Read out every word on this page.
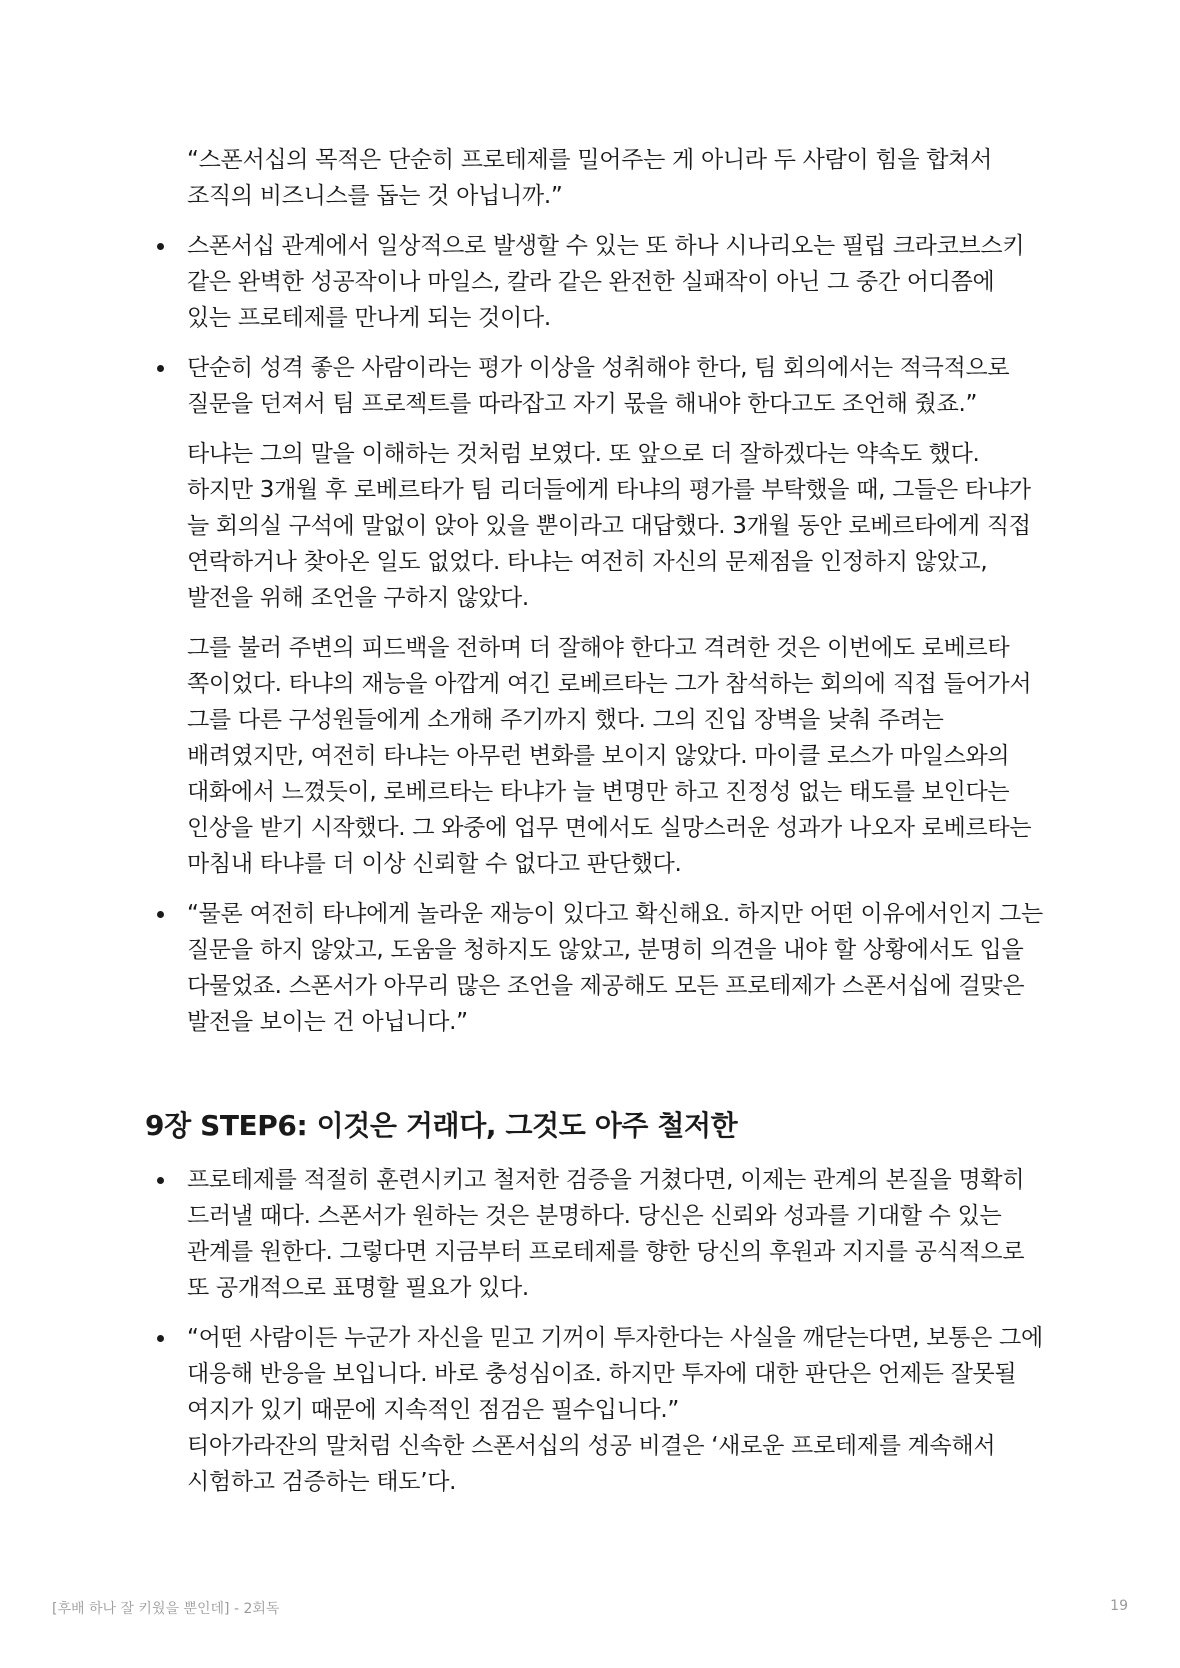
“스폰서십의 목적은 단순히 프로테제를 밀어주는 게 아니라 두 사람이 힘을 합쳐서 조직의 비즈니스를 돕는 것 아닙니까.”

스폰서십 관계에서 일상적으로 발생할 수 있는 또 하나 시나리오는 필립 크라코브스키 같은 완벽한 성공작이나 마일스, 칼라 같은 완전한 실패작이 아닌 그 중간 어디쯤에 있는 프로테제를 만나게 되는 것이다.

단순히 성격 좋은 사람이라는 평가 이상을 성취해야 한다, 팀 회의에서는 적극적으로 질문을 던져서 팀 프로젝트를 따라잡고 자기 몫을 해내야 한다고도 조언해 줬죠.”

타냐는 그의 말을 이해하는 것처럼 보였다. 또 앞으로 더 잘하겠다는 약속도 했다. 하지만 3개월 후 로베르타가 팀 리더들에게 타냐의 평가를 부탁했을 때, 그들은 타냐가 늘 회의실 구석에 말없이 앉아 있을 뿐이라고 대답했다. 3개월 동안 로베르타에게 직접 연락하거나 찾아온 일도 없었다. 타냐는 여전히 자신의 문제점을 인정하지 않았고, 발전을 위해 조언을 구하지 않았다.

그를 불러 주변의 피드백을 전하며 더 잘해야 한다고 격려한 것은 이번에도 로베르타 쪽이었다. 타냐의 재능을 아깝게 여긴 로베르타는 그가 참석하는 회의에 직접 들어가서 그를 다른 구성원들에게 소개해 주기까지 했다. 그의 진입 장벽을 낮춰 주려는 배려였지만, 여전히 타냐는 아무런 변화를 보이지 않았다. 마이클 로스가 마일스와의 대화에서 느꼈듯이, 로베르타는 타냐가 늘 변명만 하고 진정성 없는 태도를 보인다는 인상을 받기 시작했다. 그 와중에 업무 면에서도 실망스러운 성과가 나오자 로베르타는 마침내 타냐를 더 이상 신뢰할 수 없다고 판단했다.

“물론 여전히 타냐에게 놀라운 재능이 있다고 확신해요. 하지만 어떤 이유에서인지 그는 질문을 하지 않았고, 도움을 청하지도 않았고, 분명히 의견을 내야 할 상황에서도 입을 다물었죠. 스폰서가 아무리 많은 조언을 제공해도 모든 프로테제가 스폰서십에 걸맞은 발전을 보이는 건 아닙니다.”

9장 STEP6: 이것은 거래다, 그것도 아주 철저한

프로테제를 적절히 훈련시키고 철저한 검증을 거쳤다면, 이제는 관계의 본질을 명확히 드러낼 때다. 스폰서가 원하는 것은 분명하다. 당신은 신뢰와 성과를 기대할 수 있는 관계를 원한다. 그렇다면 지금부터 프로테제를 향한 당신의 후원과 지지를 공식적으로 또 공개적으로 표명할 필요가 있다.

“어떤 사람이든 누군가 자신을 믿고 기꺼이 투자한다는 사실을 깨닫는다면, 보통은 그에 대응해 반응을 보입니다. 바로 충성심이죠. 하지만 투자에 대한 판단은 언제든 잘못될 여지가 있기 때문에 지속적인 점검은 필수입니다.”

티아가라잔의 말처럼 신속한 스폰서십의 성공 비결은 ‘새로운 프로테제를 계속해서 시험하고 검증하는 태도’다.

[후배 하나 잘 키웠을 뿐인데] - 2회독	19
